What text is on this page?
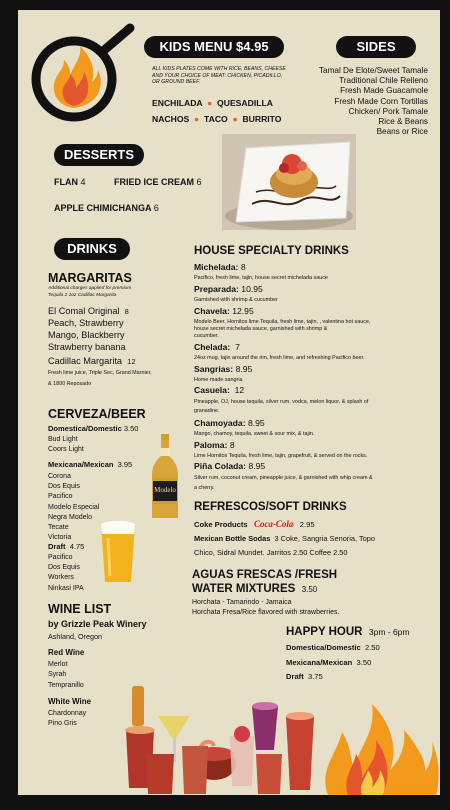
KIDS MENU $4.95
ALL KIDS PLATES COME WITH RICE, BEANS, CHEESE AND YOUR CHOICE OF MEAT: CHICKEN, PICADILLO, OR GROUND BEEF.
ENCHILADA  ●  QUESADILLA
NACHOS  ●  TACO  ●  BURRITO
SIDES
Tamal De Elote/Sweet Tamale
Traditional Chile Relleno
Fresh Made Guacamole
Fresh Made Corn Tortillas
Chicken/ Pork Tamale
Rice & Beans
Beans or Rice
DESSERTS
FLAN 4	FRIED ICE CREAM 6
APPLE CHIMICHANGA 6
DRINKS
MARGARITAS
Additional charges applied for premium
Tequila 2 1oz Cadillac Margarita
El Comal Original 8
Peach, Strawberry
Mango, Blackberry
Strawberry banana
Cadillac Margarita 12
Fresh lime juice, Triple Sec, Grand Marnier,
& 1800 Reposado
CERVEZA/BEER
Domestica/Domestic 3.50
Bud Light
Coors Light
Mexicana/Mexican 3.95
Corona
Dos Equis
Pacifico
Modelo Especial
Negra Modelo
Tecate
Victoria
Draft 4.75
Pacifico
Dos Equis
Workers
Ninkasi IPA
Modelo
WINE LIST
by Grizzle Peak Winery
Ashland, Oregon
Red Wine
Merlot
Syrah
Tempranillo
White Wine
Chardonnay
Pino Gris
HOUSE SPECIALTY DRINKS
Michelada: 8
Pacifico, fresh lime, tajin, house secret michelada sauce
Preparada: 10.95
Garnished with shrimp & cucumber
Chavela: 12.95
Modelo Beer, Hornitos lime Tequila, fresh lime, tajin, , valentina hot sauce,
house secret michelada sauce, garnished with shrimp &
cucumber.
Chelada: 7
24oz mug, tajin around the rim, fresh lime, and refreshing Pacifico beer.
Sangrias: 8.95
Home made sangria
Casuela: 12
Pineapple, OJ, house tequila, silver rum, vodca, melon liquor, & splash of
granadine.
Chamoyada: 8.95
Mango, chamoy, tequila, sweet & sour mix, & tajin.
Paloma: 8
Lime Hornitos Tequila, fresh lime, tajin, grapefruit, & served on the rocks.
Piña Colada: 8.95
Silver rum, coconut cream, pineapple juice, & garnished with whip cream &
a cherry.
REFRESCOS/SOFT DRINKS
Coke Products Coca-Cola 2.95
Mexican Bottle Sodas 3 Coke, Sangria Senoria, Topo
Chico, Sidral Mundet. Jarritos 2.50 Coffee 2.50
AGUAS FRESCAS /FRESH
WATER MIXTURES 3.50
Horchata - Tamarindo - Jamaica
Horchata Fresa/Rice flavored with strawberries.
HAPPY HOUR 3pm - 6pm
Domestica/Domestic 2.50
Mexicana/Mexican 3.50
Draft 3.75
